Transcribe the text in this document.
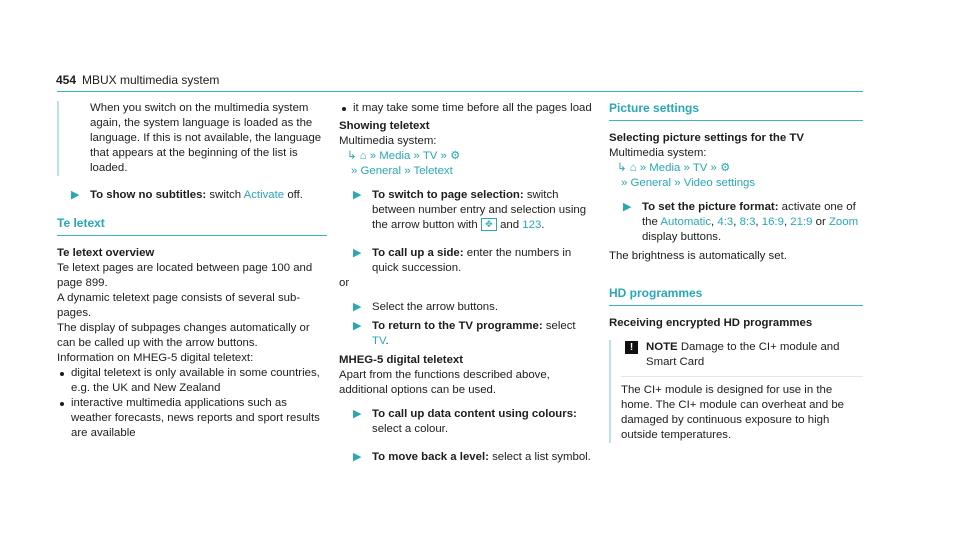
454 MBUX multimedia sy​stem

When you switch on the multimedia system again, the system language is loaded as the language. If this is not available, the language that appears at the beginning of the list is loaded.

▶ To show no subtitles: switch Activate off.
Te letext

Te letext overview

Te letext pages are located between page 100 and page 899.

A dynamic teletext page consists of several sub-pages.

The display of subpages changes automatically or can be called up with the arrow buttons.

Information on MHEG-5 digital teletext:

digital teletext is only available in some countries, e.g. the UK and New Zealand
interactive multimedia applications such as weather forecasts, news reports and sport results are available
it may take some time before all the pages load

Showing teletext

Multimedia system:

↳ ⌂ » Media » TV » ⚙
» General » Teletext
▶ To switch to page selection: switch between number entry and selection using the arrow button with ✥ and 123.
▶ To call up a side: enter the numbers in quick succession.

or

▶ Select the arrow buttons.
▶ To return to the TV programme: select TV.

MHEG-5 digital teletext

Apart from the functions described above, additional options can be used.

▶ To call up data content using colours: select a colour.
▶ To move back a level: select a list symbol.
Picture settings

Selecting picture settings for the TV

Multimedia system:

↳ ⌂ » Media » TV » ⚙
» General » Video settings
▶ To set the picture format: activate one of the Automatic, 4:3, 8:3, 16:9, 21:9 or Zoom display buttons.

The brightness is automatically set.

HD programmes

Receiving encrypted HD programmes

!	NOTE Damage to the CI+ module and Smart Card

The CI+ module is designed for use in the home. The CI+ module can overheat and be damaged by continuous exposure to high outside temperatures.
